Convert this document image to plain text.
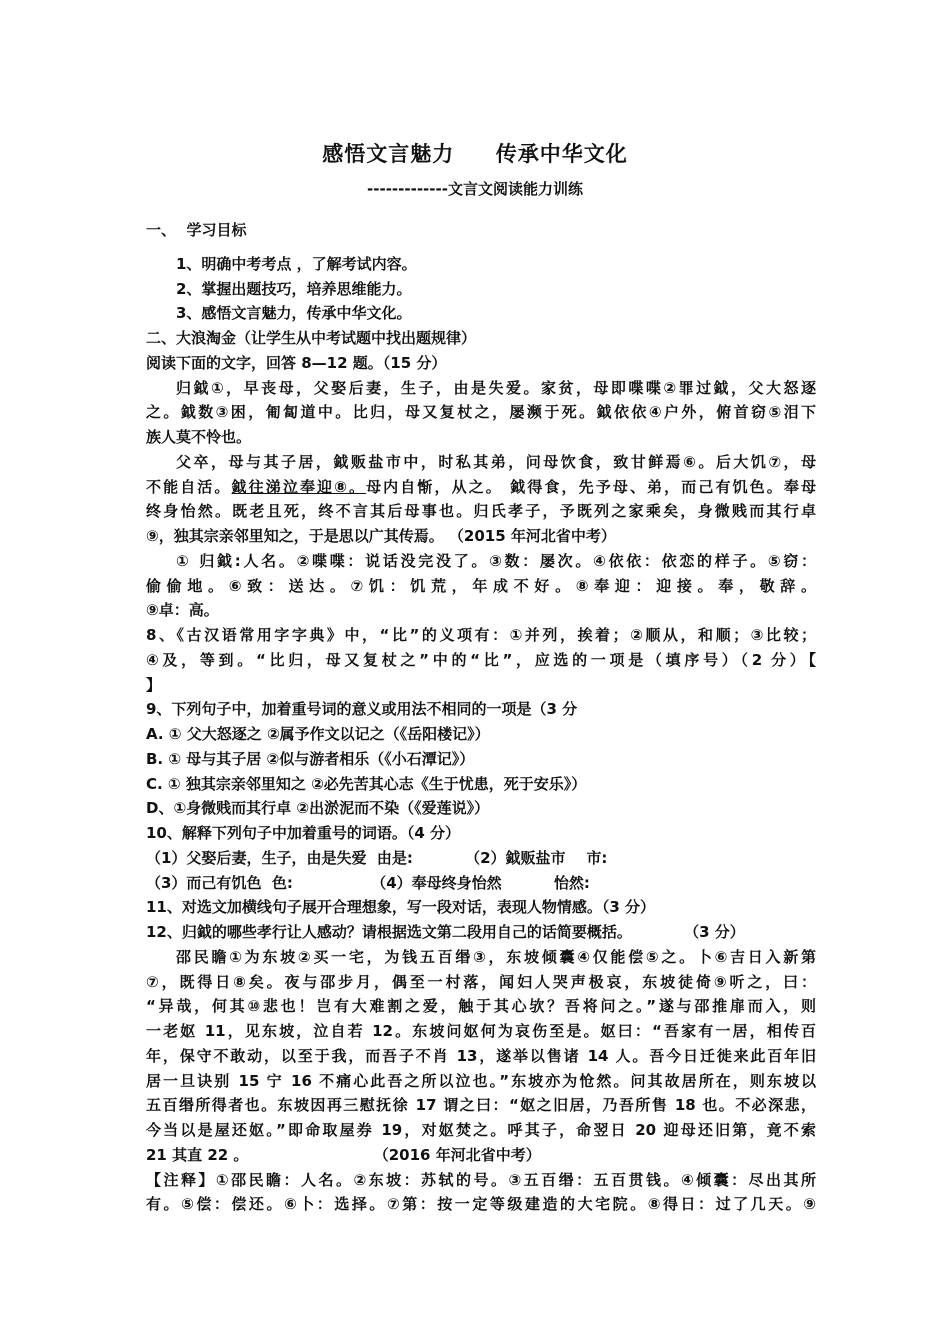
感悟文言魅力     传承中华文化
-------------文言文阅读能力训练
一、  学习目标
1、明确中考考点 ，了解考试内容。
2、掌握出题技巧，培养思维能力。
3、感悟文言魅力，传承中华文化。
二、大浪淘金（让学生从中考试题中找出题规律）
阅读下面的文字，回答 8—12 题。（15 分）
归鉞①，早丧母，父娶后妻，生子，由是失爱。家贫，母即喋喋②罪过鉞，父大怒逐
之。鉞数③困，匍匐道中。比归，母又复杖之，屡濒于死。鉞依依④户外，俯首窃⑤泪下
族人莫不怜也。
父卒，母与其子居，鉞贩盐市中，时私其弟，问母饮食，致甘鲜焉⑥。后大饥⑦，母
不能自活。鉞往涕泣奉迎⑧。母内自惭，从之。 鉞得食，先予母、弟，而己有饥色。奉母
终身怡然。既老且死，终不言其后母事也。归氏孝子，予既列之家乘矣，身微贱而其行卓
⑨，独其宗亲邻里知之，于是思以广其传焉。 （2015 年河北省中考）
① 归鉞:人名。②喋喋：说话没完没了。③数：屡次。④依依：依恋的样子。⑤窃：
偷偷地。⑥致：送达。⑦饥：饥荒，年成不好。⑧奉迎：迎接。奉，敬辞。
⑨卓：高。
8、《古汉语常用字字典》中，“比”的义项有：①并列，挨着；②顺从，和顺；③比较；
④及，等到。“比归，母又复杖之”中的“比”，应选的一项是（填序号）（2 分）【
】
9、下列句子中，加着重号词的意义或用法不相同的一项是（3 分
A. ① 父大怒逐之 ②属予作文以记之（《岳阳楼记》）
B. ① 母与其子居 ②似与游者相乐（《小石潭记》）
C. ① 独其宗亲邻里知之 ②必先苦其心志《生于忧患，死于安乐》）
D、①身微贱而其行卓 ②出淤泥而不染（《爱莲说》）
10、解释下列句子中加着重号的词语。（4 分）
（1）父娶后妻，生子，由是失爱  由是:          （2）鉞贩盐市    市:
（3）而己有饥色  色:               （4）奉母终身怡然          怡然:
11、对选文加横线句子展开合理想象，写一段对话，表现人物情感。（3 分）
12、归鉞的哪些孝行让人感动？请根据选文第二段用自己的话简要概括。          （3 分）
邵民瞻①为东坡②买一宅，为钱五百缗③，东坡倾囊④仅能偿⑤之。卜⑥吉日入新第
⑦，既得日⑧矣。夜与邵步月，偶至一村落，闻妇人哭声极哀，东坡徒倚⑨听之，曰：
“异哉，何其⑩悲也！岂有大难割之爱，触于其心欤？吾将问之。”遂与邵推扉而入，则
一老妪 11，见东坡，泣自若 12。东坡问妪何为哀伤至是。妪曰：“吾家有一居，相传百
年，保守不敢动，以至于我，而吾子不肖 13，遂举以售诸 14 人。吾今日迁徙来此百年旧
居一旦诀别 15 宁 16 不痛心此吾之所以泣也。”东坡亦为怆然。问其故居所在，则东坡以
五百缗所得者也。东坡因再三慰抚徐 17 谓之曰：“妪之旧居，乃吾所售 18 也。不必深悲，
今当以是屋还妪。”即命取屋券 19，对妪焚之。呼其子，命翌日 20 迎母还旧第，竟不索
21 其直 22 。                        （2016 年河北省中考）
【注释】①邵民瞻：人名。②东坡：苏轼的号。③五百缗：五百贯钱。④倾囊：尽出其所
有。⑤偿：偿还。⑥卜：选择。⑦第：按一定等级建造的大宅院。⑧得日：过了几天。⑨
